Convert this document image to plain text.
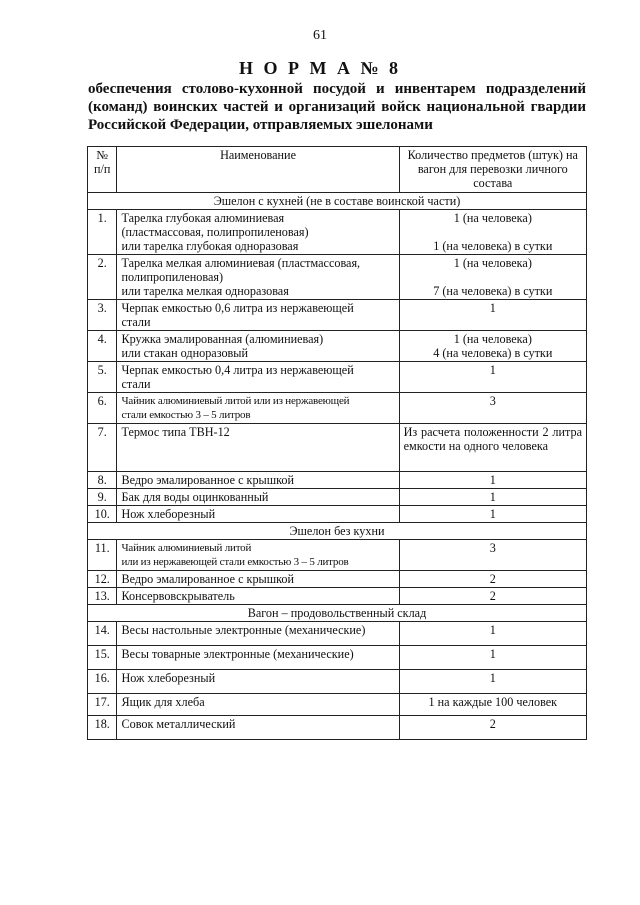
61
Н О Р М А № 8
обеспечения столово-кухонной посудой и инвентарем подразделений
(команд) воинских частей и организаций войск национальной гвардии
Российской Федерации, отправляемых эшелонами
№ п/п	Наименование	Количество предметов (штук) на вагон для перевозки личного состава
Эшелон с кухней (не в составе воинской части)		
1.	Тарелка глубокая алюминиевая
(пластмассовая, полипропиленовая)
или тарелка глубокая одноразовая	1 (на человека)
1 (на человека) в сутки

2.	Тарелка мелкая алюминиевая (пластмассовая,
полипропиленовая)
или тарелка мелкая одноразовая	1 (на человека)
7 (на человека) в сутки

3.	Черпак емкостью 0,6 литра из нержавеющей
стали	1
4.	Кружка эмалированная (алюминиевая)
или стакан одноразовый	1 (на человека)
4 (на человека) в сутки

5.	Черпак емкостью 0,4 литра из нержавеющей
стали	1
6.	Чайник алюминиевый литой или из нержавеющей
стали емкостью 3 – 5 литров	3
7.	Термос типа ТВН-12	Из расчета положенности 2 литра емкости на одного человека
8.	Ведро эмалированное с крышкой	1
9.	Бак для воды оцинкованный	1
10.	Нож хлеборезный	1
Эшелон без кухни		
11.	Чайник алюминиевый литой
или из нержавеющей стали емкостью 3 – 5 литров	3
12.	Ведро эмалированное с крышкой	2
13.	Консервовскрыватель	2
Вагон – продовольственный склад		
14.	Весы настольные электронные (механические)	1
15.	Весы товарные электронные (механические)	1
16.	Нож хлеборезный	1
17.	Ящик для хлеба	1 на каждые 100 человек
18.	Совок металлический	2
